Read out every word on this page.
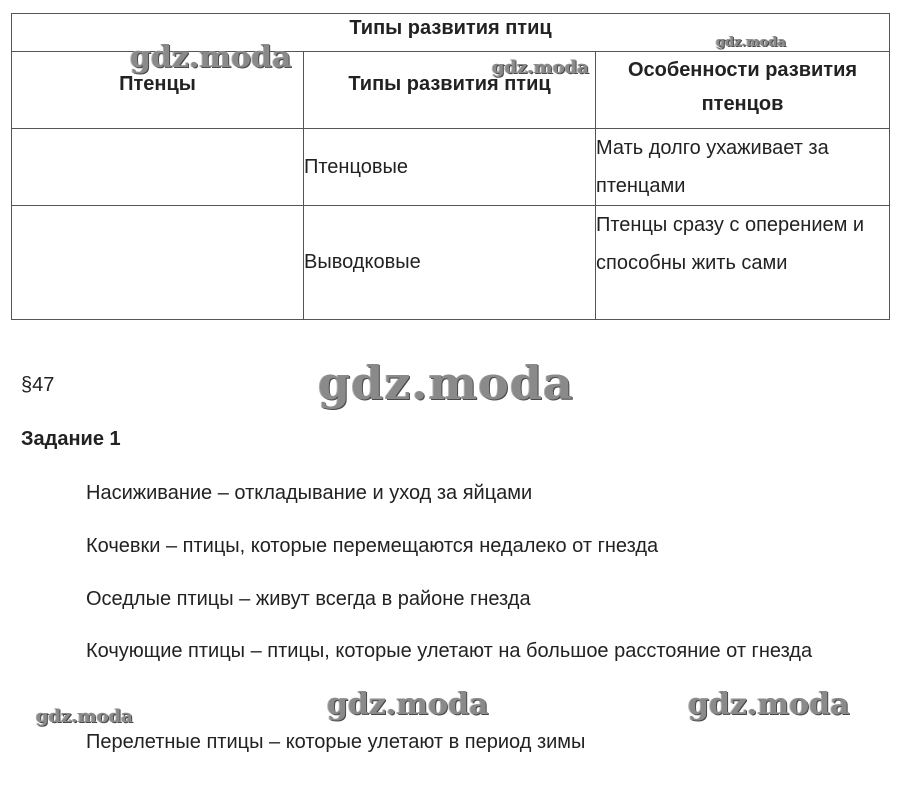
Типы развития птиц		
Птенцы	Типы развития птиц	Особенности развития птенцов
	Птенцовые	Мать долго ухаживает за птенцами
	Выводковые	Птенцы сразу с оперением и способны жить сами
§47
Задание 1

Насиживание – откладывание и уход за яйцами

Кочевки – птицы, которые перемещаются недалеко от гнезда

Оседлые птицы – живут всегда в районе гнезда

Кочующие птицы – птицы, которые улетают на большое расстояние от гнезда

Перелетные птицы – которые улетают в период зимы

gdz.moda	gdz.moda
gdz.moda
gdz.moda
gdz.moda	gdz.moda	gdz.moda
